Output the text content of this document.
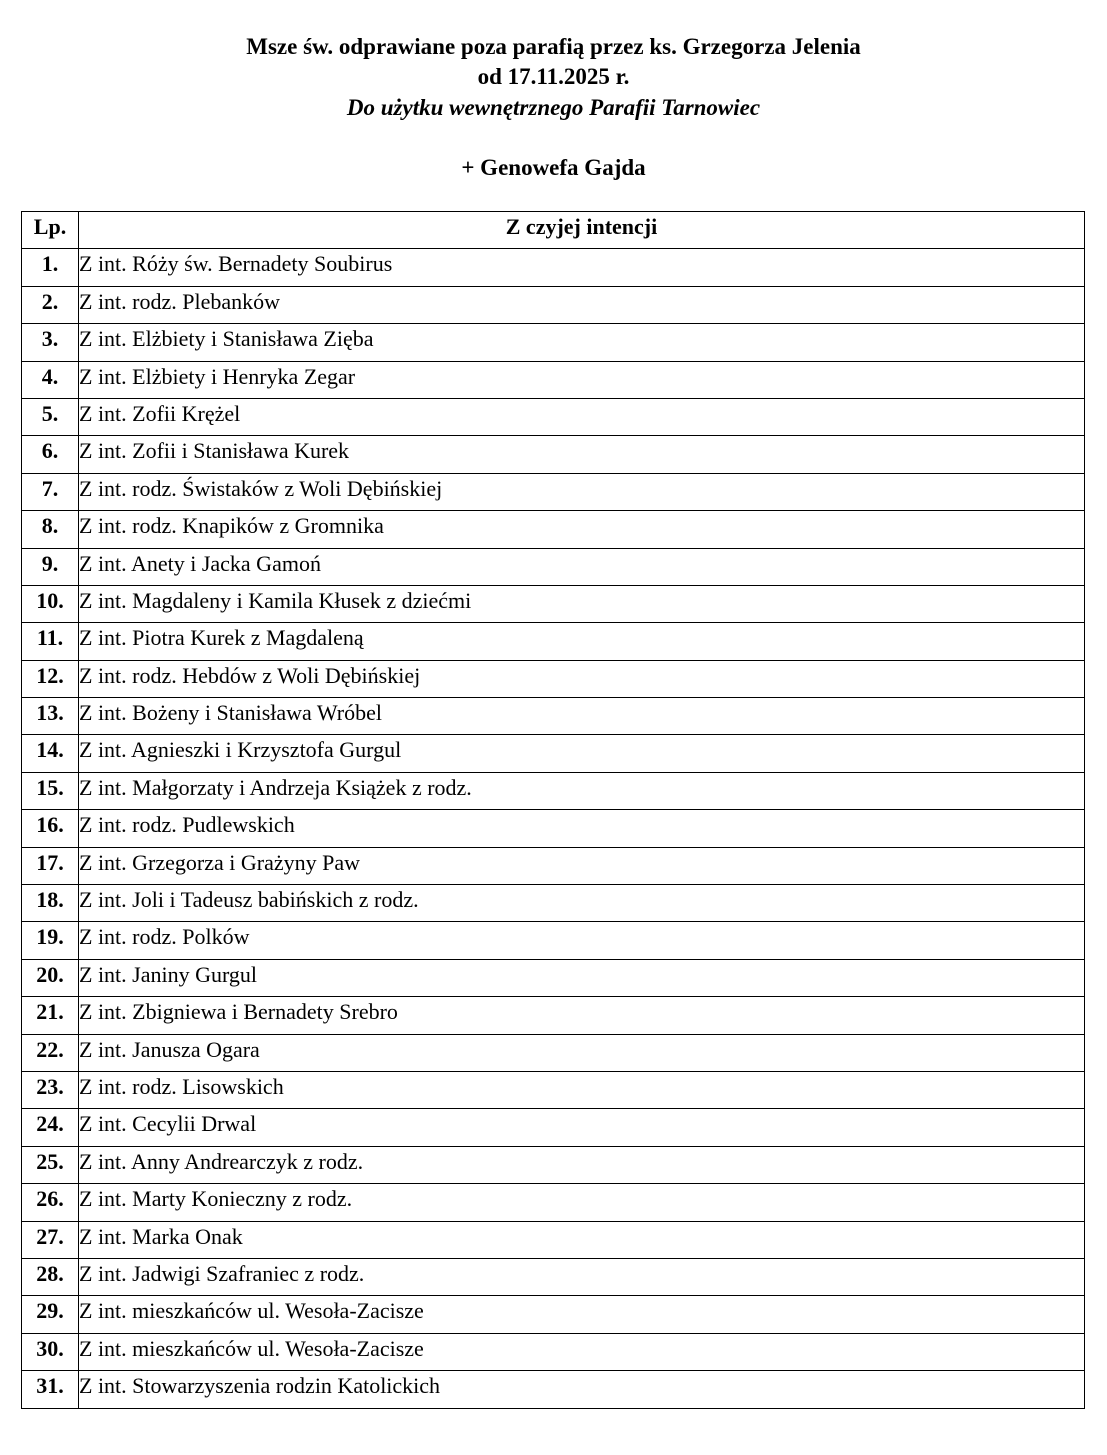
Msze św. odprawiane poza parafią przez ks. Grzegorza Jelenia

od 17.11.2025 r.

Do użytku wewnętrznego Parafii Tarnowiec

+ Genowefa Gajda

Lp.	Z czyjej intencji
1.	Z int. Róży św. Bernadety Soubirus
2.	Z int. rodz. Plebanków
3.	Z int. Elżbiety i Stanisława Zięba
4.	Z int. Elżbiety i Henryka Zegar
5.	Z int. Zofii Krężel
6.	Z int. Zofii i Stanisława Kurek
7.	Z int. rodz. Świstaków z Woli Dębińskiej
8.	Z int. rodz. Knapików z Gromnika
9.	Z int. Anety i Jacka Gamoń
10.	Z int. Magdaleny i Kamila Kłusek z dziećmi
11.	Z int. Piotra Kurek z Magdaleną
12.	Z int. rodz. Hebdów z Woli Dębińskiej
13.	Z int. Bożeny i Stanisława Wróbel
14.	Z int. Agnieszki i Krzysztofa Gurgul
15.	Z int. Małgorzaty i Andrzeja Książek z rodz.
16.	Z int. rodz. Pudlewskich
17.	Z int. Grzegorza i Grażyny Paw
18.	Z int. Joli i Tadeusz babińskich z rodz.
19.	Z int. rodz. Polków
20.	Z int. Janiny Gurgul
21.	Z int. Zbigniewa i Bernadety Srebro
22.	Z int. Janusza Ogara
23.	Z int. rodz. Lisowskich
24.	Z int. Cecylii Drwal
25.	Z int. Anny Andrearczyk z rodz.
26.	Z int. Marty Konieczny z rodz.
27.	Z int. Marka Onak
28.	Z int. Jadwigi Szafraniec z rodz.
29.	Z int. mieszkańców ul. Wesoła-Zacisze
30.	Z int. mieszkańców ul. Wesoła-Zacisze
31.	Z int. Stowarzyszenia rodzin Katolickich
